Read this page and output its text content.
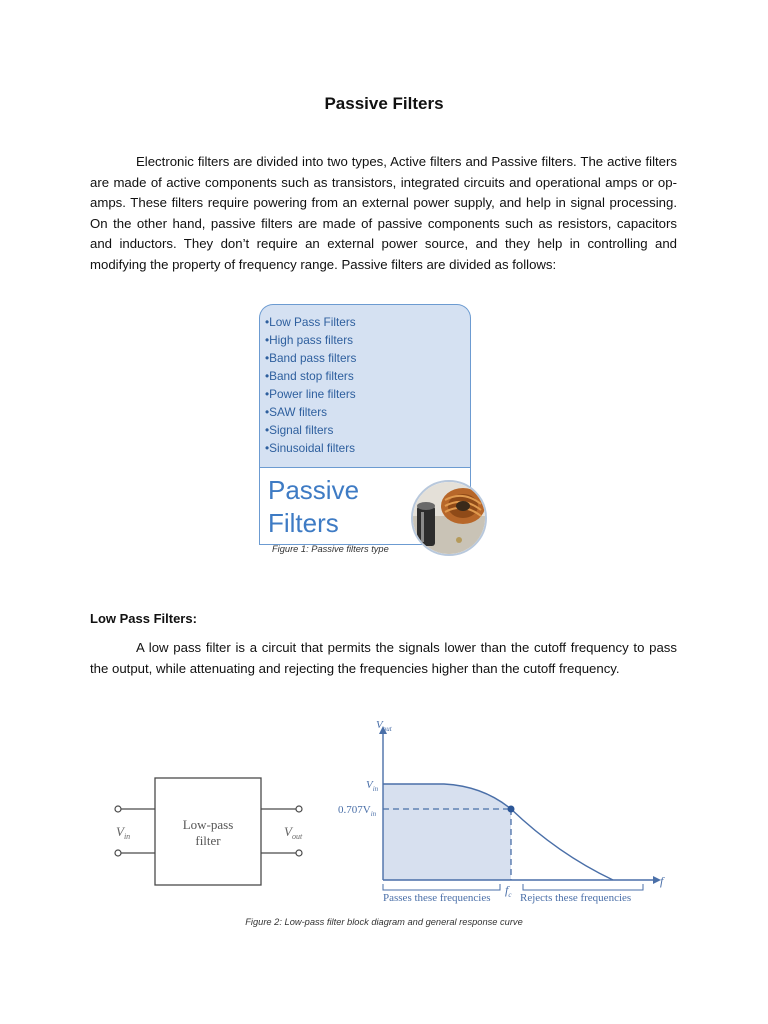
Passive Filters

Electronic filters are divided into two types, Active filters and Passive filters. The active filters are made of active components such as transistors, integrated circuits and operational amps or op-amps. These filters require powering from an external power supply, and help in signal processing. On the other hand, passive filters are made of passive components such as resistors, capacitors and inductors. They don’t require an external power source, and they help in controlling and modifying the property of frequency range. Passive filters are divided as follows:

•Low Pass Filters
•High pass filters
•Band pass filters
•Band stop filters
•Power line filters
•SAW filters
•Signal filters
•Sinusoidal filters
Passive
Filters
Figure 1: Passive filters type
Low Pass Filters:

A low pass filter is a circuit that permits the signals lower than the cutoff frequency to pass the output, while attenuating and rejecting the frequencies higher than the cutoff frequency.

Low-pass
filter
$V_{in}$	$V_{out}$
$V_{out}$
$V_{in}$
$0.707V_{in}$
f
$f_c$
Passes these frequencies	Rejects these frequencies
Figure 2: Low-pass filter block diagram and general response curve
